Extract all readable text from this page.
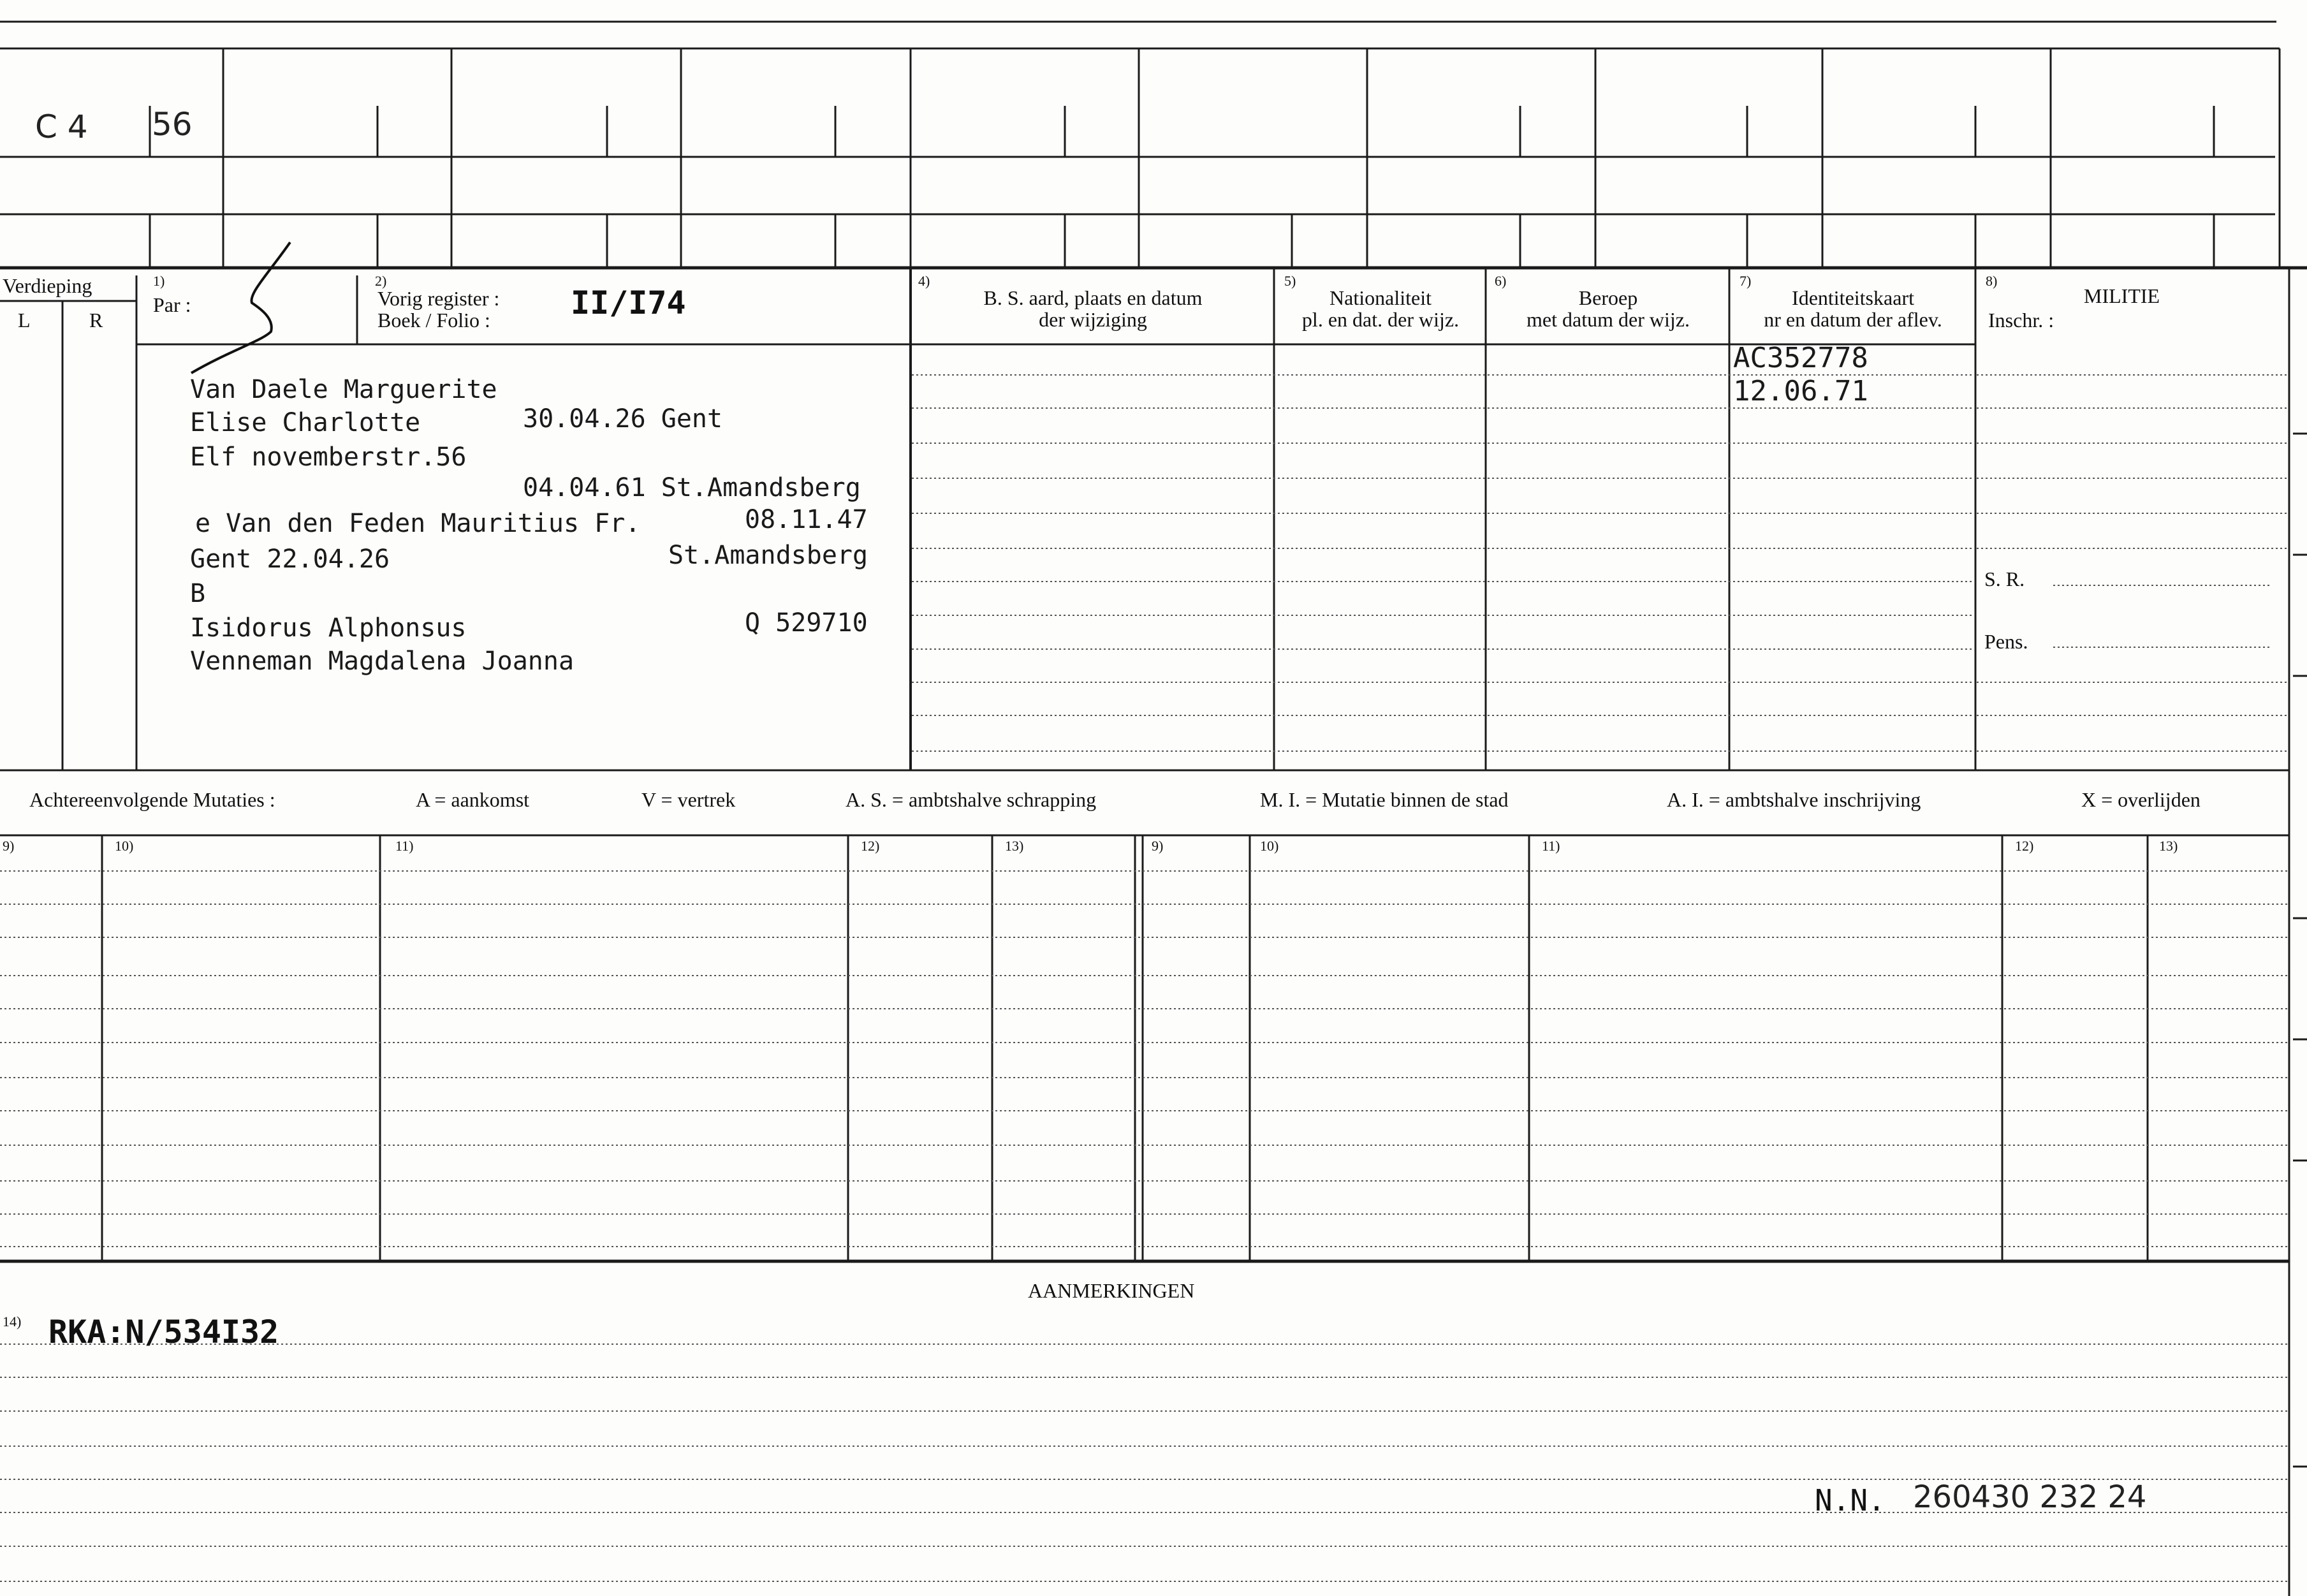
C 4 56
Verdieping
L	R
1)
Par :
2)
Vorig register :
Boek / Folio :	II/I74
4)
B. S. aard, plaats en datum
der wijziging
5)
Nationaliteit
pl. en dat. der wijz.
6)
Beroep
met datum der wijz.
7)
Identiteitskaart
nr en datum der aflev.
8)
MILITIE
Inschr. :
S. R.
Pens.
Van Daele Marguerite
Elise Charlotte	30.04.26 Gent
Elf novemberstr.56
04.04.61 St.Amandsberg
e Van den Feden Mauritius Fr.	08.11.47
Gent 22.04.26	St.Amandsberg
B
Isidorus Alphonsus	Q 529710
Venneman Magdalena Joanna
AC352778
12.06.71
Achtereenvolgende Mutaties :	A = aankomst	V = vertrek	A. S. = ambtshalve schrapping	M. I. = Mutatie binnen de stad	A. I. = ambtshalve inschrijving	X = overlijden
9)	10)	11)	12)	13)	9)	10)	11)	12)	13)
AANMERKINGEN
14) RKA:N/534I32
N.N. 260430 232 24
